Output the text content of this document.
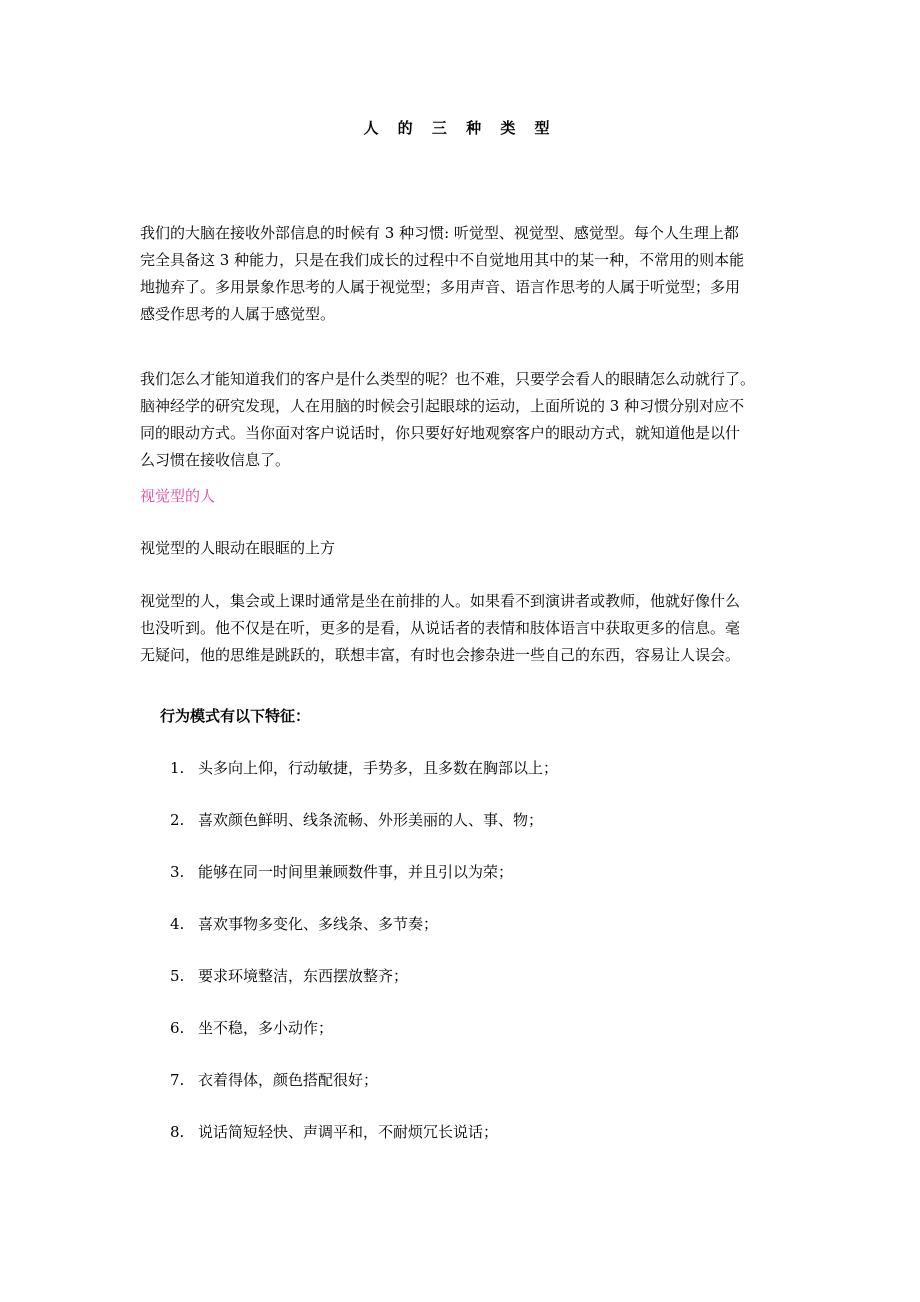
人 的 三 种 类 型

我们的大脑在接收外部信息的时候有 3 种习惯: 听觉型、视觉型、感觉型。每个人生理上都
完全具备这 3 种能力，只是在我们成长的过程中不自觉地用其中的某一种，不常用的则本能
地抛弃了。多用景象作思考的人属于视觉型；多用声音、语言作思考的人属于听觉型；多用
感受作思考的人属于感觉型。

我们怎么才能知道我们的客户是什么类型的呢？也不难，只要学会看人的眼睛怎么动就行了。
脑神经学的研究发现，人在用脑的时候会引起眼球的运动，上面所说的 3 种习惯分别对应不
同的眼动方式。当你面对客户说话时，你只要好好地观察客户的眼动方式，就知道他是以什
么习惯在接收信息了。

视觉型的人
视觉型的人眼动在眼眶的上方

视觉型的人，集会或上课时通常是坐在前排的人。如果看不到演讲者或教师，他就好像什么
也没听到。他不仅是在听，更多的是看，从说话者的表情和肢体语言中获取更多的信息。毫
无疑问，他的思维是跳跃的，联想丰富，有时也会掺杂进一些自己的东西，容易让人误会。

行为模式有以下特征：
1. 头多向上仰，行动敏捷，手势多，且多数在胸部以上；
2. 喜欢颜色鲜明、线条流畅、外形美丽的人、事、物；
3. 能够在同一时间里兼顾数件事，并且引以为荣；
4. 喜欢事物多变化、多线条、多节奏；
5. 要求环境整洁，东西摆放整齐；
6. 坐不稳，多小动作；
7. 衣着得体，颜色搭配很好；
8. 说话简短轻快、声调平和，不耐烦冗长说话；
